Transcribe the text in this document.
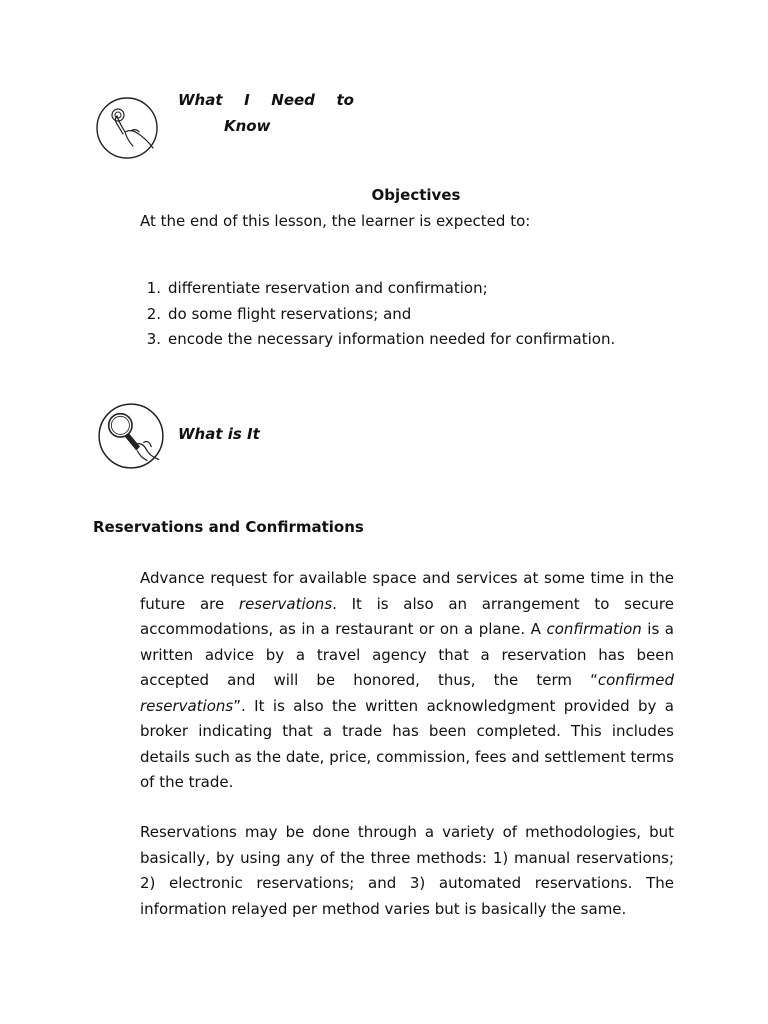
What I Need to
Know
Objectives
At the end of this lesson, the learner is expected to:
1. differentiate reservation and confirmation;
2. do some flight reservations; and
3. encode the necessary information needed for confirmation.
What is It
Reservations and Confirmations

Advance request for available space and services at some time in the future are reservations. It is also an arrangement to secure accommodations, as in a restaurant or on a plane. A confirmation is a written advice by a travel agency that a reservation has been accepted and will be honored, thus, the term “confirmed reservations”. It is also the written acknowledgment provided by a broker indicating that a trade has been completed. This includes details such as the date, price, commission, fees and settlement terms of the trade.

Reservations may be done through a variety of methodologies, but basically, by using any of the three methods: 1) manual reservations; 2) electronic reservations; and 3) automated reservations. The information relayed per method varies but is basically the same.
